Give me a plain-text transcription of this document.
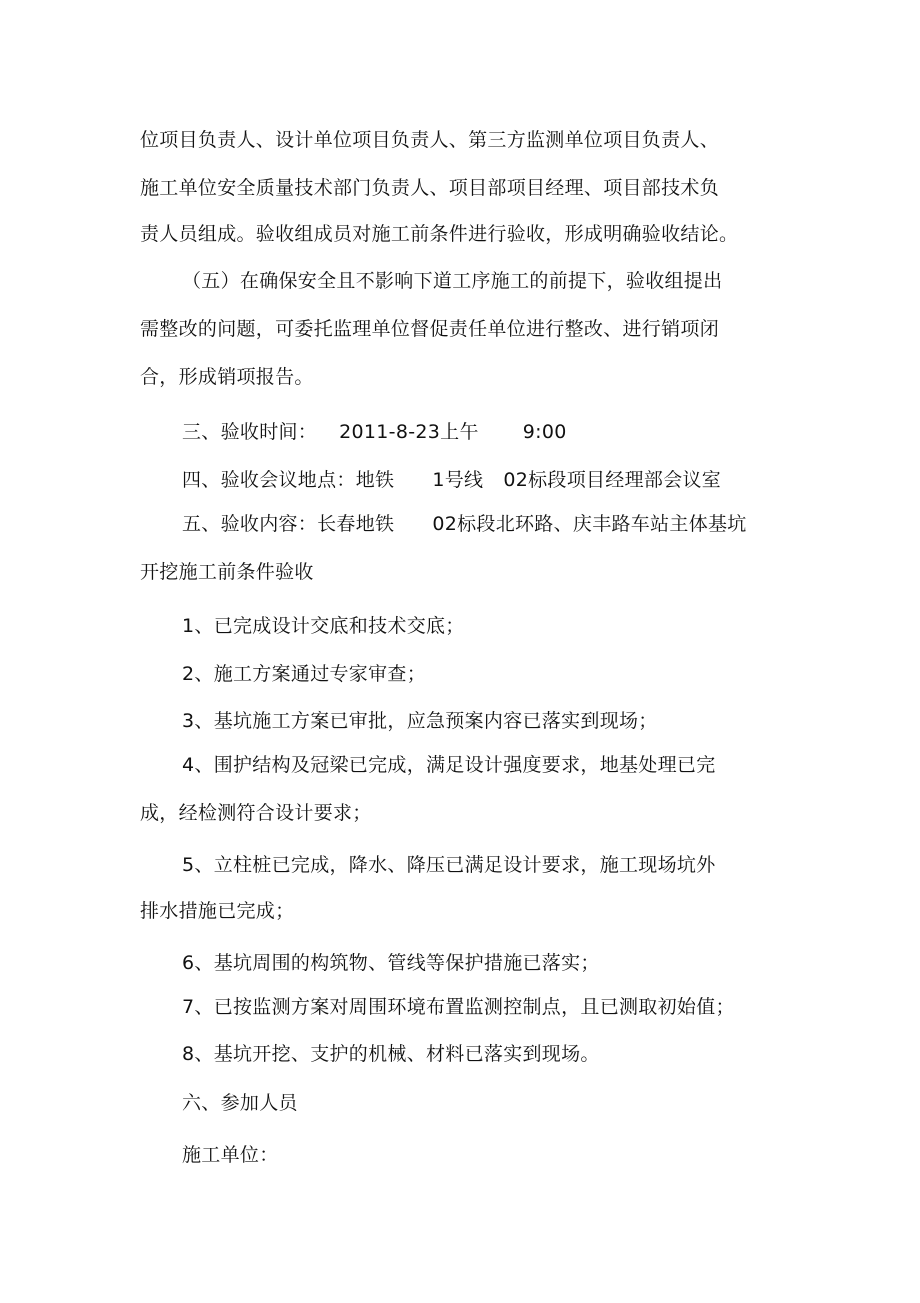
位项目负责人、设计单位项目负责人、第三方监测单位项目负责人、

施工单位安全质量技术部门负责人、项目部项目经理、项目部技术负

责人员组成。验收组成员对施工前条件进行验收，形成明确验收结论。

（五）在确保安全且不影响下道工序施工的前提下，验收组提出

需整改的问题，可委托监理单位督促责任单位进行整改、进行销项闭

合，形成销项报告。

三、验收时间： 2011-8-23上午 9:00

四、验收会议地点：地铁 1号线 02标段项目经理部会议室

五、验收内容：长春地铁 02标段北环路、庆丰路车站主体基坑

开挖施工前条件验收

1、已完成设计交底和技术交底；

2、施工方案通过专家审查；

3、基坑施工方案已审批，应急预案内容已落实到现场；

4、围护结构及冠梁已完成，满足设计强度要求，地基处理已完

成，经检测符合设计要求；

5、立柱桩已完成，降水、降压已满足设计要求，施工现场坑外

排水措施已完成；

6、基坑周围的构筑物、管线等保护措施已落实；

7、已按监测方案对周围环境布置监测控制点，且已测取初始值；

8、基坑开挖、支护的机械、材料已落实到现场。

六、参加人员

施工单位：
